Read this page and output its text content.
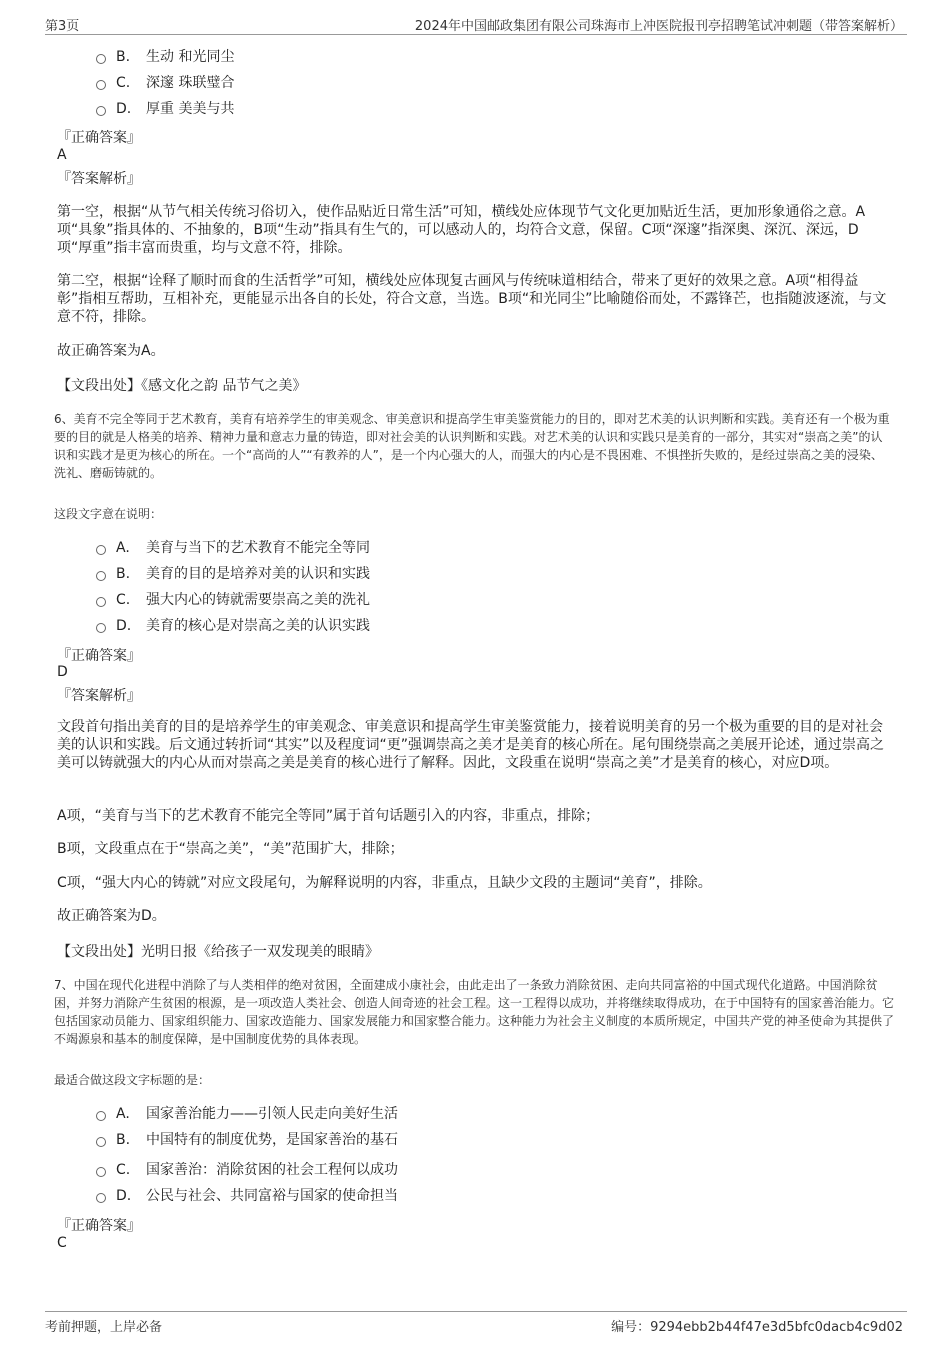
第3页	2024年中国邮政集团有限公司珠海市上冲医院报刊亭招聘笔试冲刺题（带答案解析）
B. 生动 和光同尘
C. 深邃 珠联璧合
D. 厚重 美美与共
『正确答案』
A
『答案解析』
第一空，根据“从节气相关传统习俗切入，使作品贴近日常生活”可知，横线处应体现节气文化更加贴近生活，更加形象通俗之意。A项“具象”指具体的、不抽象的，B项“生动”指具有生气的，可以感动人的，均符合文意，保留。C项“深邃”指深奥、深沉、深远，D项“厚重”指丰富而贵重，均与文意不符，排除。
第二空，根据“诠释了顺时而食的生活哲学”可知，横线处应体现复古画风与传统味道相结合，带来了更好的效果之意。A项“相得益彰”指相互帮助，互相补充，更能显示出各自的长处，符合文意，当选。B项“和光同尘”比喻随俗而处，不露锋芒，也指随波逐流，与文意不符，排除。
故正确答案为A。
【文段出处】《感文化之韵 品节气之美》
6、美育不完全等同于艺术教育，美育有培养学生的审美观念、审美意识和提高学生审美鉴赏能力的目的，即对艺术美的认识判断和实践。美育还有一个极为重要的目的就是人格美的培养、精神力量和意志力量的铸造，即对社会美的认识判断和实践。对艺术美的认识和实践只是美育的一部分，其实对“崇高之美”的认识和实践才是更为核心的所在。一个“高尚的人”“有教养的人”，是一个内心强大的人，而强大的内心是不畏困难、不惧挫折失败的，是经过崇高之美的浸染、洗礼、磨砺铸就的。
这段文字意在说明：
A. 美育与当下的艺术教育不能完全等同
B. 美育的目的是培养对美的认识和实践
C. 强大内心的铸就需要崇高之美的洗礼
D. 美育的核心是对崇高之美的认识实践
『正确答案』
D
『答案解析』
文段首句指出美育的目的是培养学生的审美观念、审美意识和提高学生审美鉴赏能力，接着说明美育的另一个极为重要的目的是对社会美的认识和实践。后文通过转折词“其实”以及程度词“更”强调崇高之美才是美育的核心所在。尾句围绕崇高之美展开论述，通过崇高之美可以铸就强大的内心从而对崇高之美是美育的核心进行了解释。因此，文段重在说明“崇高之美”才是美育的核心，对应D项。
A项，“美育与当下的艺术教育不能完全等同”属于首句话题引入的内容，非重点，排除；
B项，文段重点在于“崇高之美”，“美”范围扩大，排除；
C项，“强大内心的铸就”对应文段尾句，为解释说明的内容，非重点，且缺少文段的主题词“美育”，排除。
故正确答案为D。
【文段出处】光明日报《给孩子一双发现美的眼睛》
7、中国在现代化进程中消除了与人类相伴的绝对贫困，全面建成小康社会，由此走出了一条致力消除贫困、走向共同富裕的中国式现代化道路。中国消除贫困，并努力消除产生贫困的根源，是一项改造人类社会、创造人间奇迹的社会工程。这一工程得以成功，并将继续取得成功，在于中国特有的国家善治能力。它包括国家动员能力、国家组织能力、国家改造能力、国家发展能力和国家整合能力。这种能力为社会主义制度的本质所规定，中国共产党的神圣使命为其提供了不竭源泉和基本的制度保障，是中国制度优势的具体表现。
最适合做这段文字标题的是：
A. 国家善治能力——引领人民走向美好生活
B. 中国特有的制度优势，是国家善治的基石
C. 国家善治：消除贫困的社会工程何以成功
D. 公民与社会、共同富裕与国家的使命担当
『正确答案』
C
考前押题，上岸必备	编号：9294ebb2b44f47e3d5bfc0dacb4c9d02
